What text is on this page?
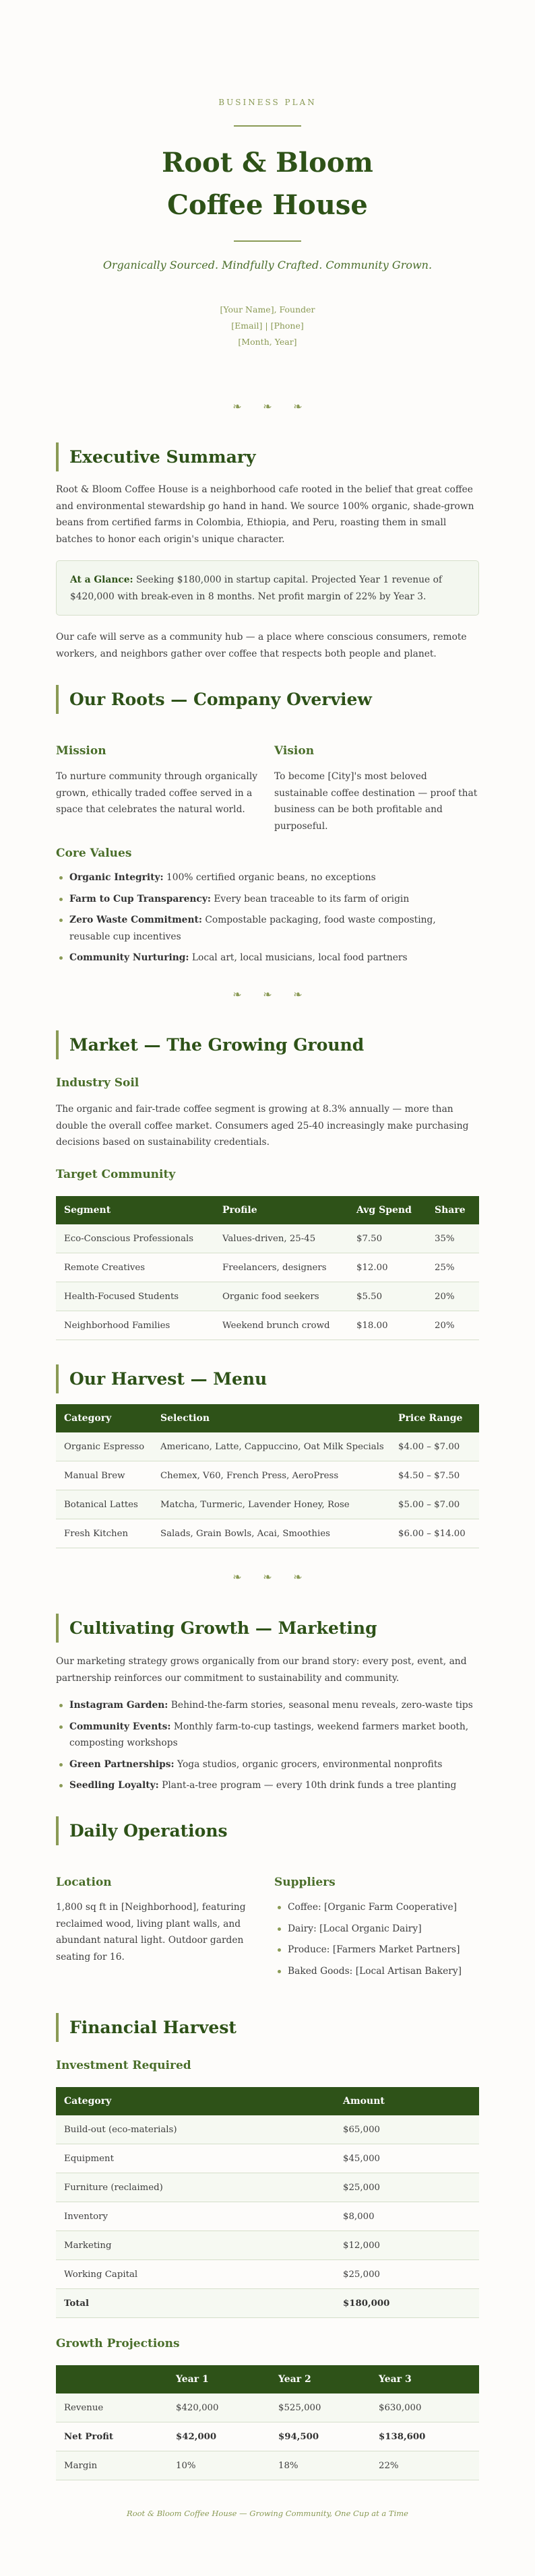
BUSINESS PLAN
Root & Bloom
Coffee House
Organically Sourced. Mindfully Crafted. Community Grown.
[Your Name], Founder
[Email] | [Phone]
[Month, Year]
❧ ❧ ❧
Executive Summary
Root & Bloom Coffee House is a neighborhood cafe rooted in the belief that great coffee and environmental stewardship go hand in hand. We source 100% organic, shade-grown beans from certified farms in Colombia, Ethiopia, and Peru, roasting them in small batches to honor each origin's unique character.
At a Glance: Seeking $180,000 in startup capital. Projected Year 1 revenue of $420,000 with break-even in 8 months. Net profit margin of 22% by Year 3.
Our cafe will serve as a community hub — a place where conscious consumers, remote workers, and neighbors gather over coffee that respects both people and planet.
Our Roots — Company Overview
Mission
To nurture community through organically grown, ethically traded coffee served in a space that celebrates the natural world.
Vision
To become [City]'s most beloved sustainable coffee destination — proof that business can be both profitable and purposeful.
Core Values
Organic Integrity: 100% certified organic beans, no exceptions
Farm to Cup Transparency: Every bean traceable to its farm of origin
Zero Waste Commitment: Compostable packaging, food waste composting, reusable cup incentives
Community Nurturing: Local art, local musicians, local food partners
❧ ❧ ❧
Market — The Growing Ground
Industry Soil
The organic and fair-trade coffee segment is growing at 8.3% annually — more than double the overall coffee market. Consumers aged 25-40 increasingly make purchasing decisions based on sustainability credentials.
Target Community
Segment	Profile	Avg Spend	Share
Eco-Conscious Professionals	Values-driven, 25-45	$7.50	35%
Remote Creatives	Freelancers, designers	$12.00	25%
Health-Focused Students	Organic food seekers	$5.50	20%
Neighborhood Families	Weekend brunch crowd	$18.00	20%
Our Harvest — Menu
Category	Selection	Price Range
Organic Espresso	Americano, Latte, Cappuccino, Oat Milk Specials	$4.00 – $7.00
Manual Brew	Chemex, V60, French Press, AeroPress	$4.50 – $7.50
Botanical Lattes	Matcha, Turmeric, Lavender Honey, Rose	$5.00 – $7.00
Fresh Kitchen	Salads, Grain Bowls, Acai, Smoothies	$6.00 – $14.00
❧ ❧ ❧
Cultivating Growth — Marketing
Our marketing strategy grows organically from our brand story: every post, event, and partnership reinforces our commitment to sustainability and community.
Instagram Garden: Behind-the-farm stories, seasonal menu reveals, zero-waste tips
Community Events: Monthly farm-to-cup tastings, weekend farmers market booth, composting workshops
Green Partnerships: Yoga studios, organic grocers, environmental nonprofits
Seedling Loyalty: Plant-a-tree program — every 10th drink funds a tree planting
Daily Operations
Location
1,800 sq ft in [Neighborhood], featuring reclaimed wood, living plant walls, and abundant natural light. Outdoor garden seating for 16.
Suppliers
Coffee: [Organic Farm Cooperative]
Dairy: [Local Organic Dairy]
Produce: [Farmers Market Partners]
Baked Goods: [Local Artisan Bakery]
Financial Harvest
Investment Required
Category	Amount
Build-out (eco-materials)	$65,000
Equipment	$45,000
Furniture (reclaimed)	$25,000
Inventory	$8,000
Marketing	$12,000
Working Capital	$25,000
Total	$180,000
Growth Projections
	Year 1	Year 2	Year 3
Revenue	$420,000	$525,000	$630,000
Net Profit	$42,000	$94,500	$138,600
Margin	10%	18%	22%
Root & Bloom Coffee House — Growing Community, One Cup at a Time
